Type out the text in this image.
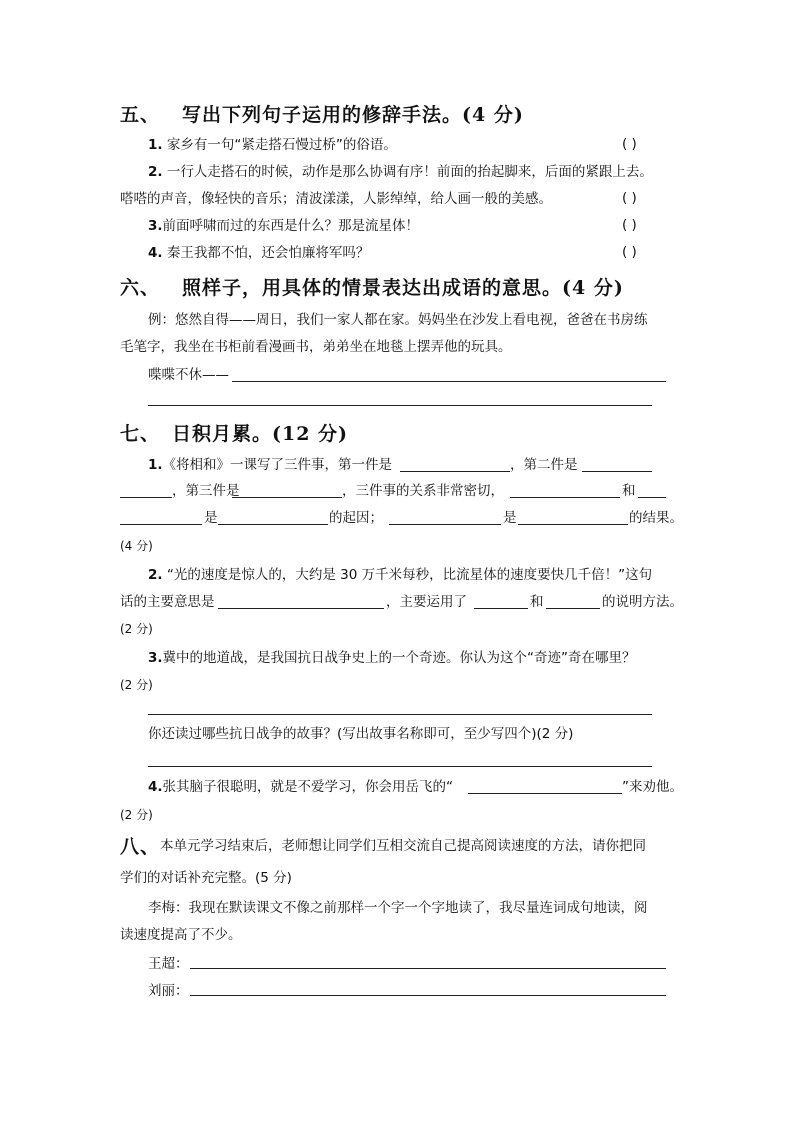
五、 写出下列句子运用的修辞手法。(4 分)
1. 家乡有一句“紧走搭石慢过桥”的俗语。	( )
2. 一行人走搭石的时候，动作是那么协调有序！前面的抬起脚来，后面的紧跟上去。
嗒嗒的声音，像轻快的音乐；清波漾漾，人影绰绰，给人画一般的美感。	( )
3.前面呼啸而过的东西是什么？那是流星体！	( )
4. 秦王我都不怕，还会怕廉将军吗？	( )
六、 照样子，用具体的情景表达出成语的意思。(4 分)
例：悠然自得——周日，我们一家人都在家。妈妈坐在沙发上看电视，爸爸在书房练
毛笔字，我坐在书柜前看漫画书，弟弟坐在地毯上摆弄他的玩具。
喋喋不休——
七、 日积月累。(12 分)
1.《将相和》一课写了三件事，第一件是	，第二件是
，第三件是	，三件事的关系非常密切，	和
是	的起因；	是	的结果。
(4 分)
2. “光的速度是惊人的，大约是 30 万千米每秒，比流星体的速度要快几千倍！”这句
话的主要意思是	，主要运用了	和	的说明方法。
(2 分)
3.冀中的地道战，是我国抗日战争史上的一个奇迹。你认为这个“奇迹”奇在哪里？
(2 分)
你还读过哪些抗日战争的故事？(写出故事名称即可，至少写四个)(2 分)
4.张其脑子很聪明，就是不爱学习，你会用岳飞的“	”来劝他。
(2 分)
八、 本单元学习结束后，老师想让同学们互相交流自己提高阅读速度的方法，请你把同
学们的对话补充完整。(5 分)
李梅：我现在默读课文不像之前那样一个字一个字地读了，我尽量连词成句地读，阅
读速度提高了不少。
王超：
刘丽：
